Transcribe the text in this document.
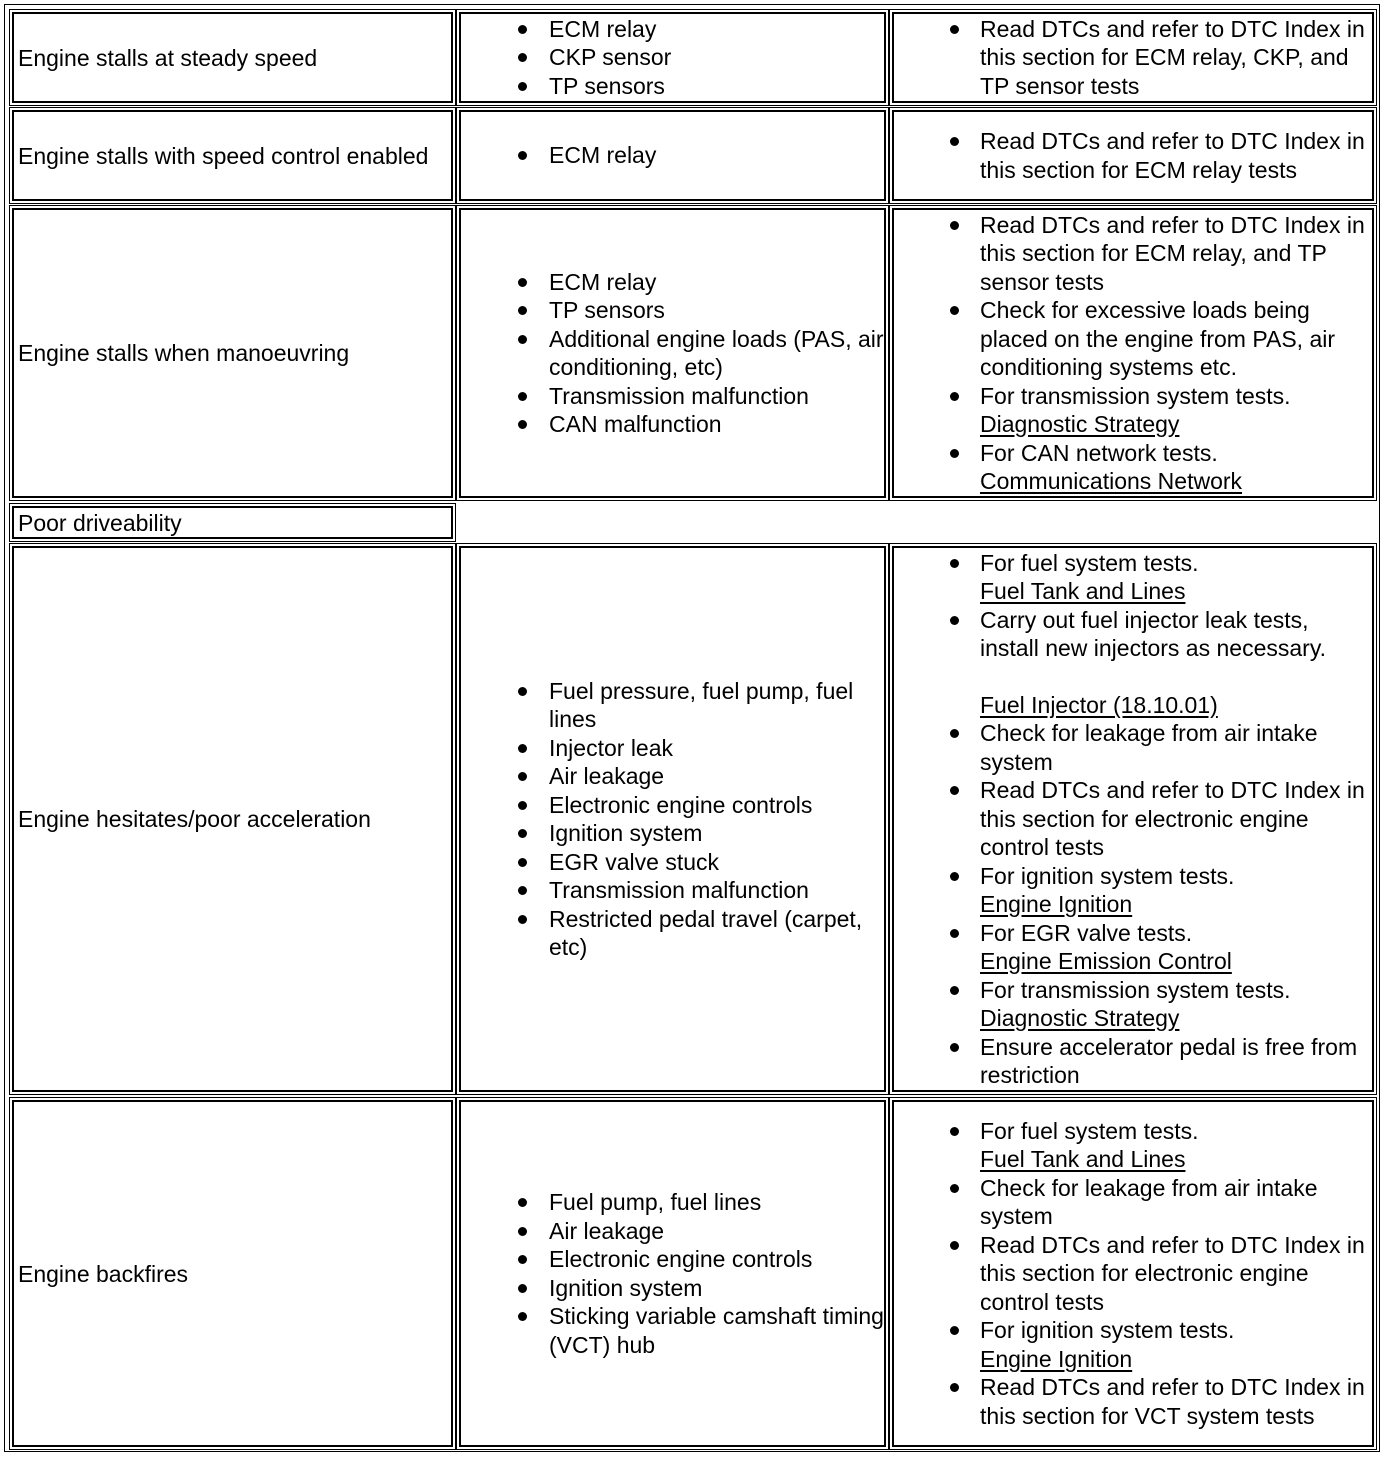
Engine stalls at steady speed
ECM relay
CKP sensor
TP sensors
Read DTCs and refer to DTC Index in this section for ECM relay, CKP, and TP sensor tests
Engine stalls with speed control enabled	ECM relay
Read DTCs and refer to DTC Index in this section for ECM relay tests
Engine stalls when manoeuvring
ECM relay
TP sensors
Additional engine loads (PAS, air conditioning, etc)
Transmission malfunction
CAN malfunction
Read DTCs and refer to DTC Index in this section for ECM relay, and TP sensor tests
Check for excessive loads being placed on the engine from PAS, air conditioning systems etc.
For transmission system tests.
Diagnostic Strategy
For CAN network tests.
Communications Network
Poor driveability
Engine hesitates/poor acceleration
Fuel pressure, fuel pump, fuel lines
Injector leak
Air leakage
Electronic engine controls
Ignition system
EGR valve stuck
Transmission malfunction
Restricted pedal travel (carpet, etc)
For fuel system tests.
Fuel Tank and Lines
Carry out fuel injector leak tests, install new injectors as necessary.
Fuel Injector (18.10.01)
Check for leakage from air intake system
Read DTCs and refer to DTC Index in this section for electronic engine control tests
For ignition system tests.
Engine Ignition
For EGR valve tests.
Engine Emission Control
For transmission system tests.
Diagnostic Strategy
Ensure accelerator pedal is free from restriction
Engine backfires
Fuel pump, fuel lines
Air leakage
Electronic engine controls
Ignition system
Sticking variable camshaft timing (VCT) hub
For fuel system tests.
Fuel Tank and Lines
Check for leakage from air intake system
Read DTCs and refer to DTC Index in this section for electronic engine control tests
For ignition system tests.
Engine Ignition
Read DTCs and refer to DTC Index in this section for VCT system tests
